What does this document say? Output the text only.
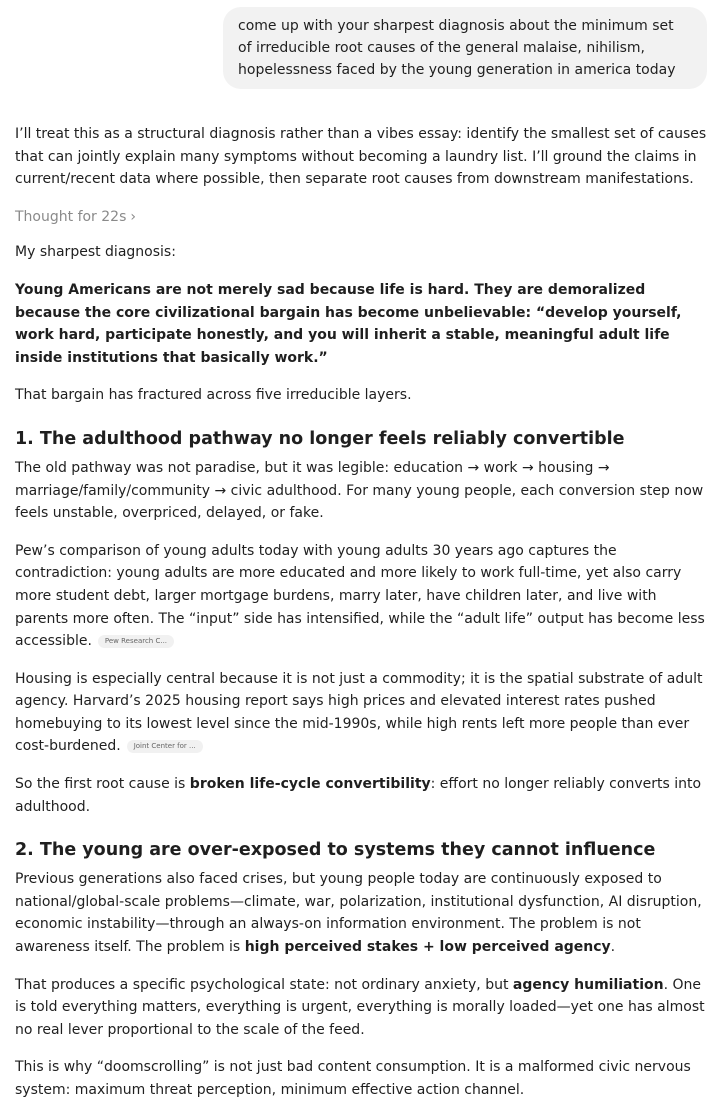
come up with your sharpest diagnosis about the minimum set of irreducible root causes of the general malaise, nihilism, hopelessness faced by the young generation in america today

I’ll treat this as a structural diagnosis rather than a vibes essay: identify the smallest set of causes that can jointly explain many symptoms without becoming a laundry list. I’ll ground the claims in current/recent data where possible, then separate root causes from downstream manifestations.

Thought for 22s ›

My sharpest diagnosis:

Young Americans are not merely sad because life is hard. They are demoralized because the core civilizational bargain has become unbelievable: “develop yourself, work hard, participate honestly, and you will inherit a stable, meaningful adult life inside institutions that basically work.”

That bargain has fractured across five irreducible layers.

1. The adulthood pathway no longer feels reliably convertible

The old pathway was not paradise, but it was legible: education → work → housing → marriage/family/community → civic adulthood. For many young people, each conversion step now feels unstable, overpriced, delayed, or fake.

Pew’s comparison of young adults today with young adults 30 years ago captures the contradiction: young adults are more educated and more likely to work full-time, yet also carry more student debt, larger mortgage burdens, marry later, have children later, and live with parents more often. The “input” side has intensified, while the “adult life” output has become less accessible. Pew Research C...

Housing is especially central because it is not just a commodity; it is the spatial substrate of adult agency. Harvard’s 2025 housing report says high prices and elevated interest rates pushed homebuying to its lowest level since the mid-1990s, while high rents left more people than ever cost-burdened. Joint Center for ...

So the first root cause is broken life-cycle convertibility: effort no longer reliably converts into adulthood.

2. The young are over-exposed to systems they cannot influence

Previous generations also faced crises, but young people today are continuously exposed to national/global-scale problems—climate, war, polarization, institutional dysfunction, AI disruption, economic instability—through an always-on information environment. The problem is not awareness itself. The problem is high perceived stakes + low perceived agency.

That produces a specific psychological state: not ordinary anxiety, but agency humiliation. One is told everything matters, everything is urgent, everything is morally loaded—yet one has almost no real lever proportional to the scale of the feed.

This is why “doomscrolling” is not just bad content consumption. It is a malformed civic nervous system: maximum threat perception, minimum effective action channel.
